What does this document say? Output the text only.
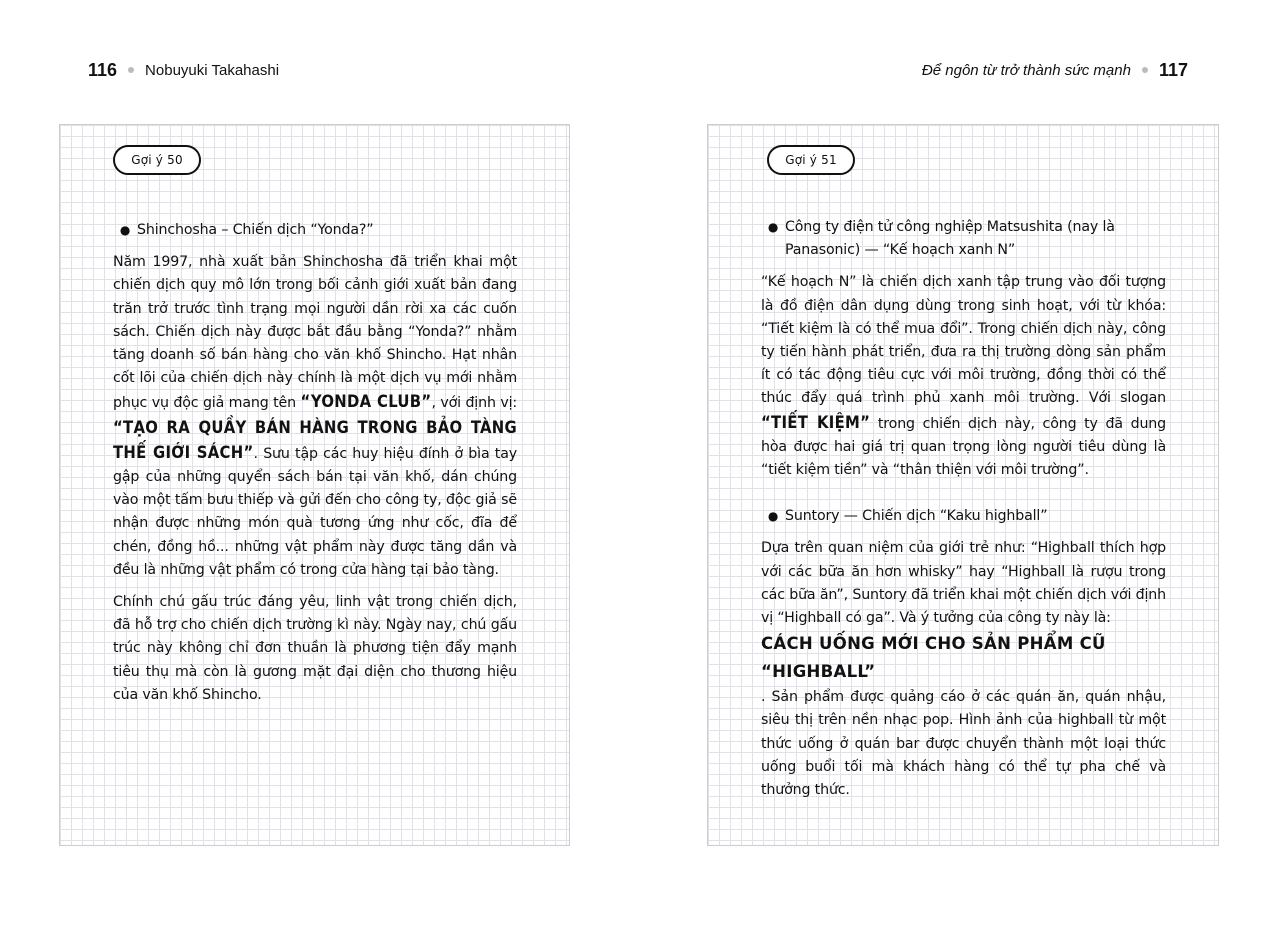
116 Nobuyuki Takahashi	Để ngôn từ trở thành sức mạnh 117
Gợi ý 50
● Shinchosha – Chiến dịch “Yonda?”
Năm 1997, nhà xuất bản Shinchosha đã triển khai một chiến dịch quy mô lớn trong bối cảnh giới xuất bản đang trăn trở trước tình trạng mọi người dần rời xa các cuốn sách. Chiến dịch này được bắt đầu bằng “Yonda?” nhằm tăng doanh số bán hàng cho văn khố Shincho. Hạt nhân cốt lõi của chiến dịch này chính là một dịch vụ mới nhằm phục vụ độc giả mang tên “YONDA CLUB”, với định vị: “TẠO RA QUẦY BÁN HÀNG TRONG BẢO TÀNG THẾ GIỚI SÁCH”. Sưu tập các huy hiệu đính ở bìa tay gập của những quyển sách bán tại văn khố, dán chúng vào một tấm bưu thiếp và gửi đến cho công ty, độc giả sẽ nhận được những món quà tương ứng như cốc, đĩa để chén, đồng hồ... những vật phẩm này được tăng dần và đều là những vật phẩm có trong cửa hàng tại bảo tàng.
Chính chú gấu trúc đáng yêu, linh vật trong chiến dịch, đã hỗ trợ cho chiến dịch trường kì này. Ngày nay, chú gấu trúc này không chỉ đơn thuần là phương tiện đẩy mạnh tiêu thụ mà còn là gương mặt đại diện cho thương hiệu của văn khố Shincho.
Gợi ý 51
● Công ty điện tử công nghiệp Matsushita (nay là Panasonic) — “Kế hoạch xanh N”
“Kế hoạch N” là chiến dịch xanh tập trung vào đối tượng là đồ điện dân dụng dùng trong sinh hoạt, với từ khóa: “Tiết kiệm là có thể mua đổi”. Trong chiến dịch này, công ty tiến hành phát triển, đưa ra thị trường dòng sản phẩm ít có tác động tiêu cực với môi trường, đồng thời có thể thúc đẩy quá trình phủ xanh môi trường. Với slogan “TIẾT KIỆM” trong chiến dịch này, công ty đã dung hòa được hai giá trị quan trọng lòng người tiêu dùng là “tiết kiệm tiền” và “thân thiện với môi trường”.
● Suntory — Chiến dịch “Kaku highball”
Dựa trên quan niệm của giới trẻ như: “Highball thích hợp với các bữa ăn hơn whisky” hay “Highball là rượu trong các bữa ăn”, Suntory đã triển khai một chiến dịch với định vị “Highball có ga”. Và ý tưởng của công ty này là:
CÁCH UỐNG MỚI CHO SẢN PHẨM CŨ “HIGHBALL”
. Sản phẩm được quảng cáo ở các quán ăn, quán nhậu, siêu thị trên nền nhạc pop. Hình ảnh của highball từ một thức uống ở quán bar được chuyển thành một loại thức uống buổi tối mà khách hàng có thể tự pha chế và thưởng thức.
